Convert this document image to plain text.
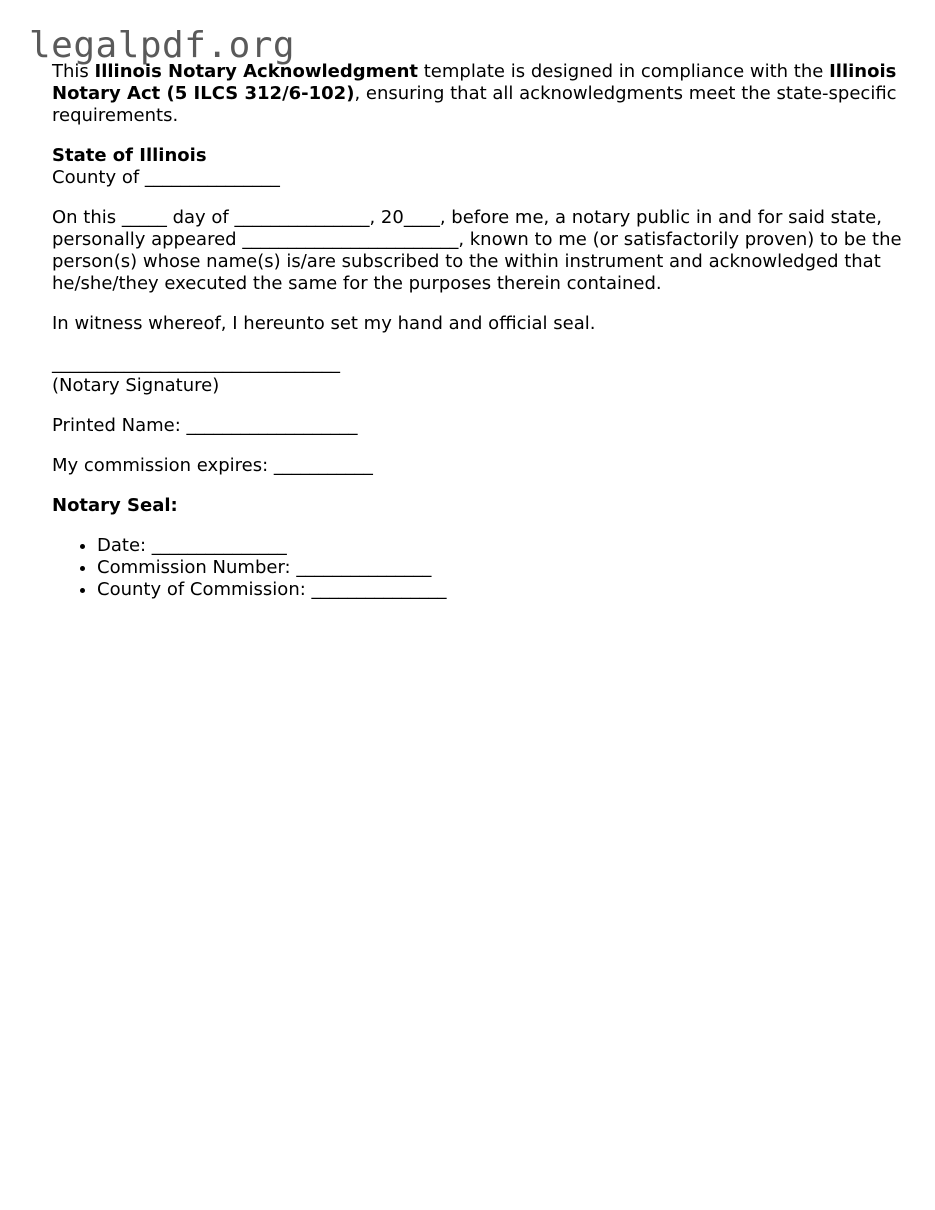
legalpdf.org

This Illinois Notary Acknowledgment template is designed in compliance with the Illinois Notary Act (5 ILCS 312/6-102), ensuring that all acknowledgments meet the state-specific requirements.

State of Illinois
County of _______________

On this _____ day of _______________, 20____, before me, a notary public in and for said state, personally appeared ________________________, known to me (or satisfactorily proven) to be the person(s) whose name(s) is/are subscribed to the within instrument and acknowledged that he/she/they executed the same for the purposes therein contained.

In witness whereof, I hereunto set my hand and official seal.

________________________________
(Notary Signature)

Printed Name: ___________________

My commission expires: ___________

Notary Seal:

• Date: _______________
• Commission Number: _______________
• County of Commission: _______________
